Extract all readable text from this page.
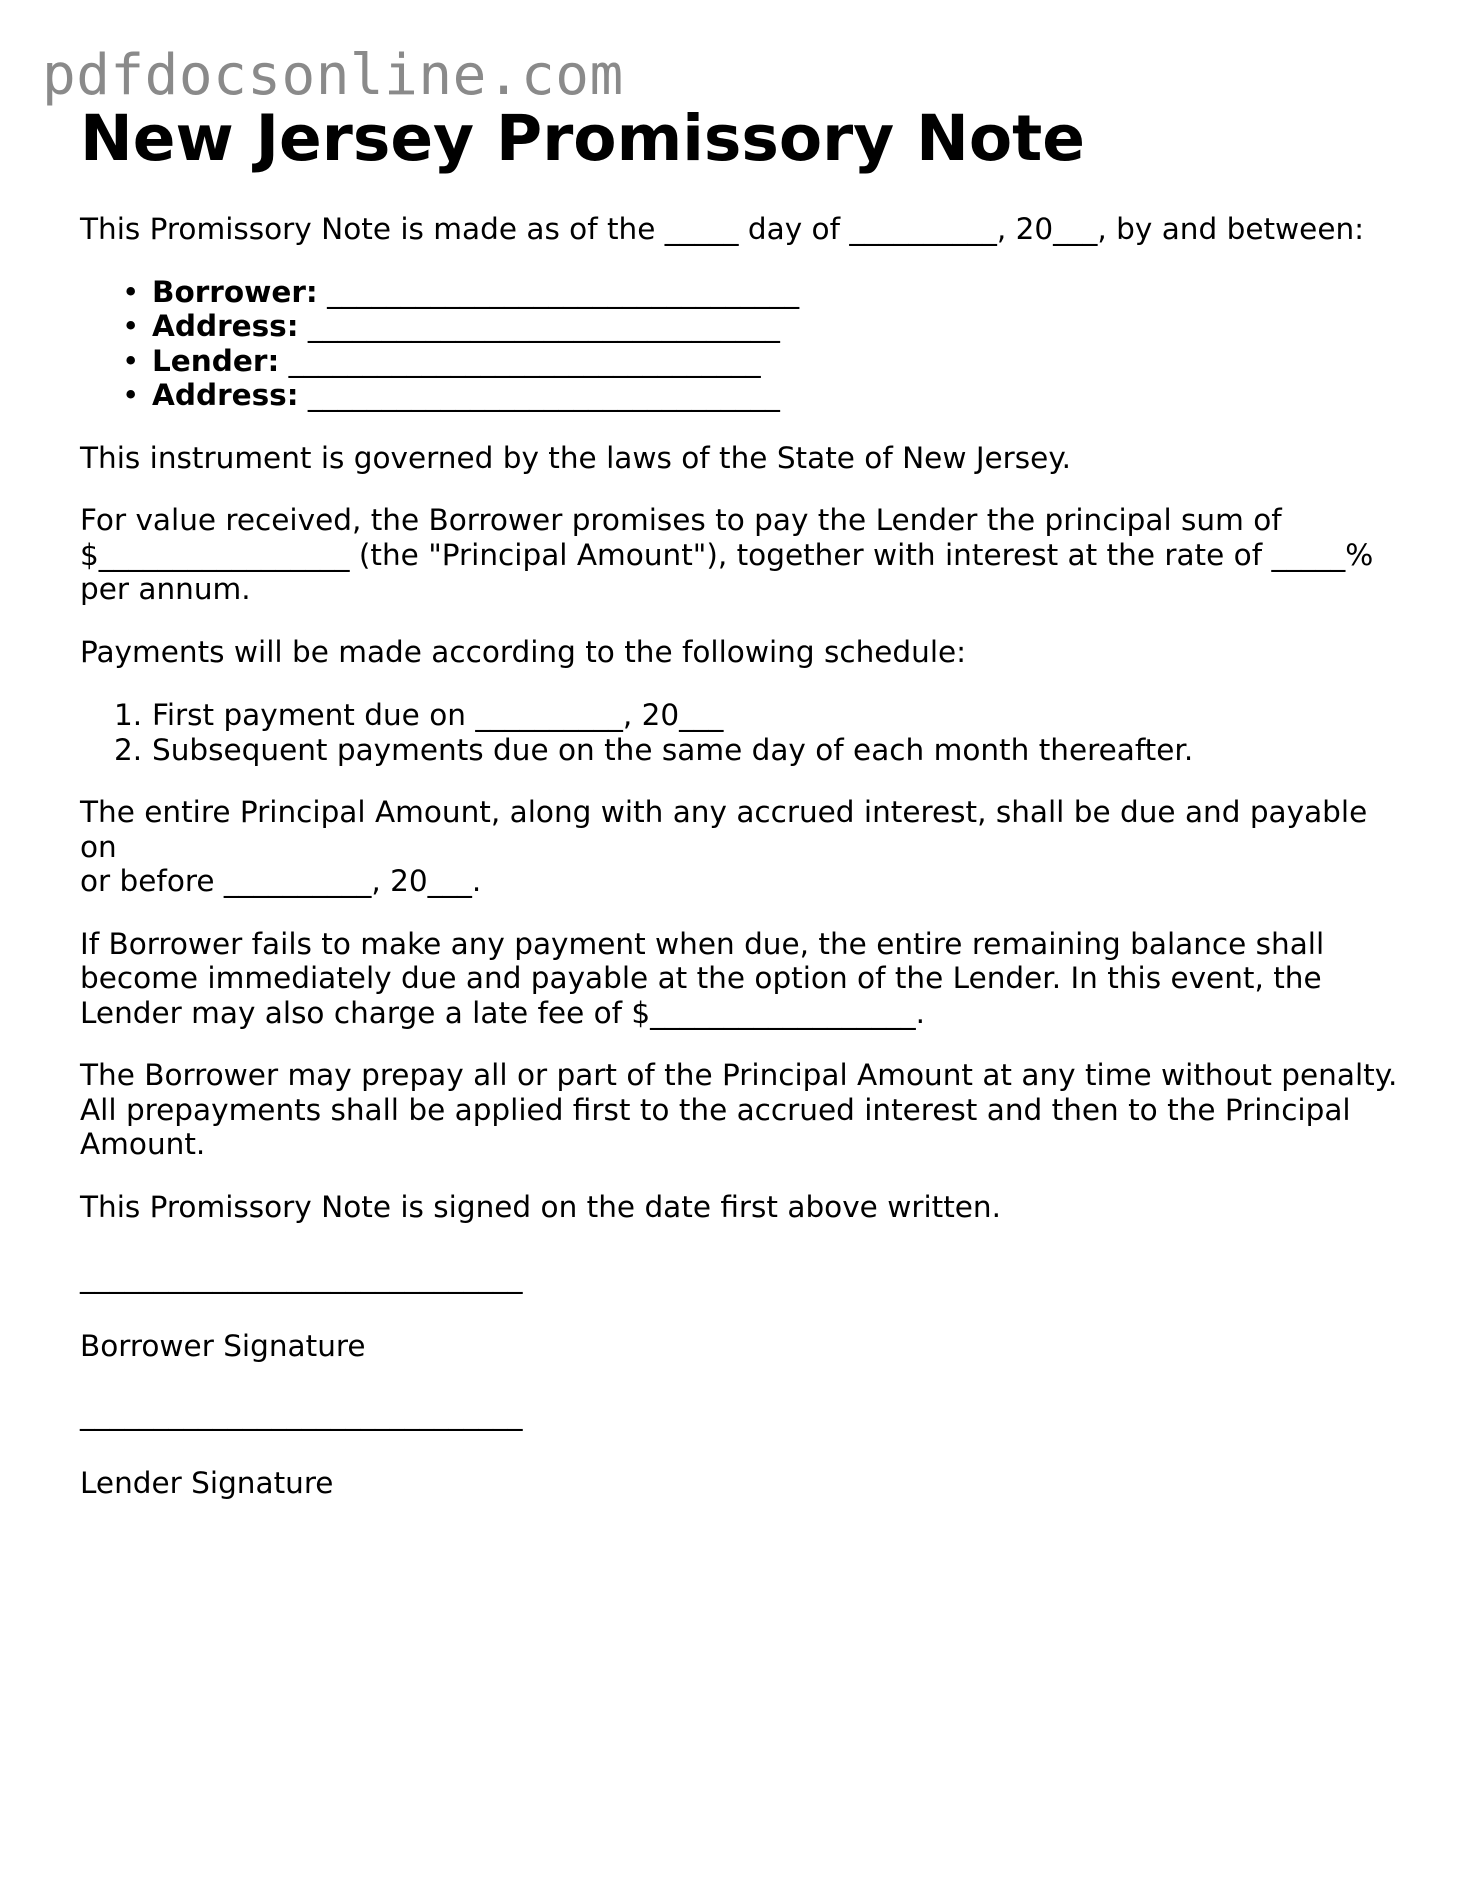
pdfdocsonline.com
New Jersey Promissory Note

This Promissory Note is made as of the _____ day of __________, 20___, by and between:

• Borrower: ________________________________
• Address: ________________________________
• Lender: ________________________________
• Address: ________________________________

This instrument is governed by the laws of the State of New Jersey.

For value received, the Borrower promises to pay the Lender the principal sum of
$_________________ (the "Principal Amount"), together with interest at the rate of _____%
per annum.

Payments will be made according to the following schedule:

1. First payment due on __________, 20___
2. Subsequent payments due on the same day of each month thereafter.

The entire Principal Amount, along with any accrued interest, shall be due and payable on
or before __________, 20___.

If Borrower fails to make any payment when due, the entire remaining balance shall
become immediately due and payable at the option of the Lender. In this event, the
Lender may also charge a late fee of $__________________.

The Borrower may prepay all or part of the Principal Amount at any time without penalty.
All prepayments shall be applied first to the accrued interest and then to the Principal
Amount.

This Promissory Note is signed on the date first above written.

______________________________
Borrower Signature
______________________________
Lender Signature
